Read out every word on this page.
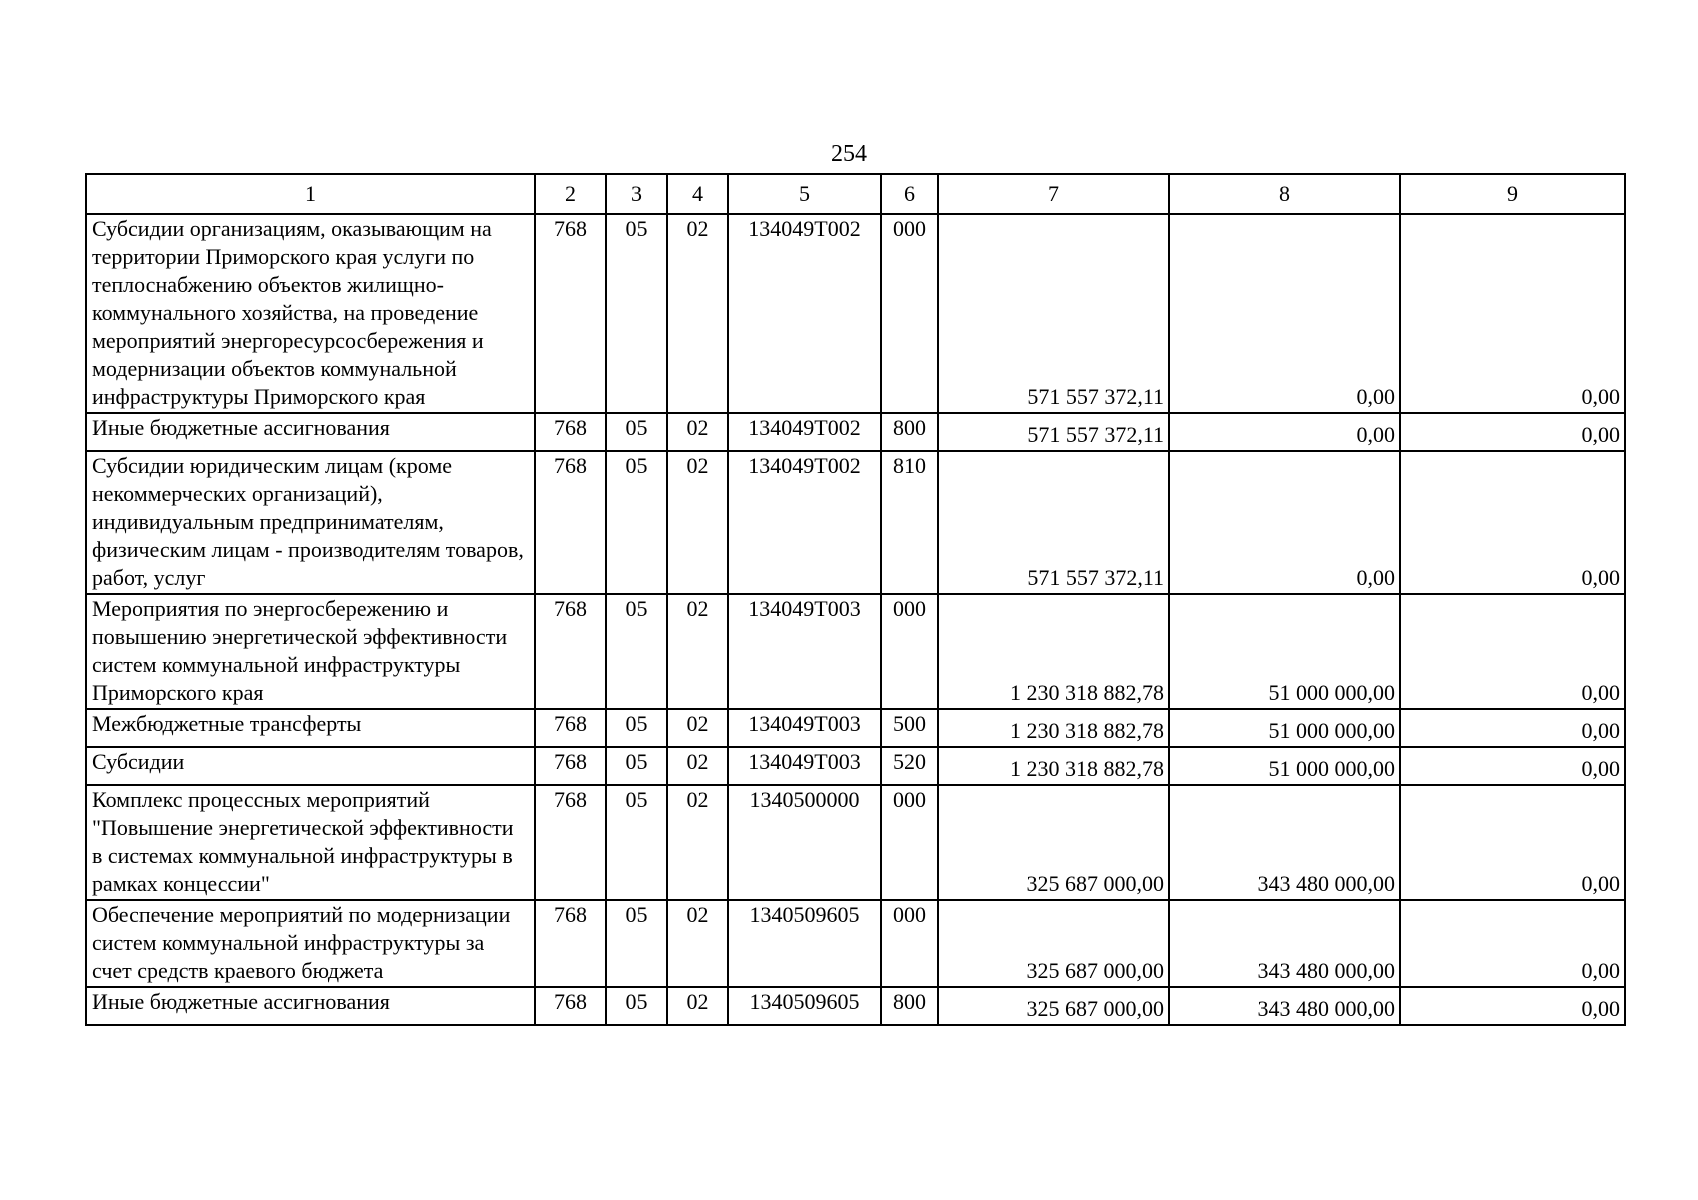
254
1	2	3	4	5	6	7	8	9
Субсидии организациям, оказывающим на территории Приморского края услуги по теплоснабжению объектов жилищно-коммунального хозяйства, на проведение мероприятий энергоресурсосбережения и модернизации объектов коммунальной инфраструктуры Приморского края	768	05	02	134049Т002	000	571 557 372,11	0,00	0,00
Иные бюджетные ассигнования	768	05	02	134049Т002	800	571 557 372,11	0,00	0,00
Субсидии юридическим лицам (кроме некоммерческих организаций), индивидуальным предпринимателям, физическим лицам - производителям товаров, работ, услуг	768	05	02	134049Т002	810	571 557 372,11	0,00	0,00
Мероприятия по энергосбережению и повышению энергетической эффективности систем коммунальной инфраструктуры Приморского края	768	05	02	134049Т003	000	1 230 318 882,78	51 000 000,00	0,00
Межбюджетные трансферты	768	05	02	134049Т003	500	1 230 318 882,78	51 000 000,00	0,00
Субсидии	768	05	02	134049Т003	520	1 230 318 882,78	51 000 000,00	0,00
Комплекс процессных мероприятий "Повышение энергетической эффективности в системах коммунальной инфраструктуры в рамках концессии"	768	05	02	1340500000	000	325 687 000,00	343 480 000,00	0,00
Обеспечение мероприятий по модернизации систем коммунальной инфраструктуры за счет средств краевого бюджета	768	05	02	1340509605	000	325 687 000,00	343 480 000,00	0,00
Иные бюджетные ассигнования	768	05	02	1340509605	800	325 687 000,00	343 480 000,00	0,00
